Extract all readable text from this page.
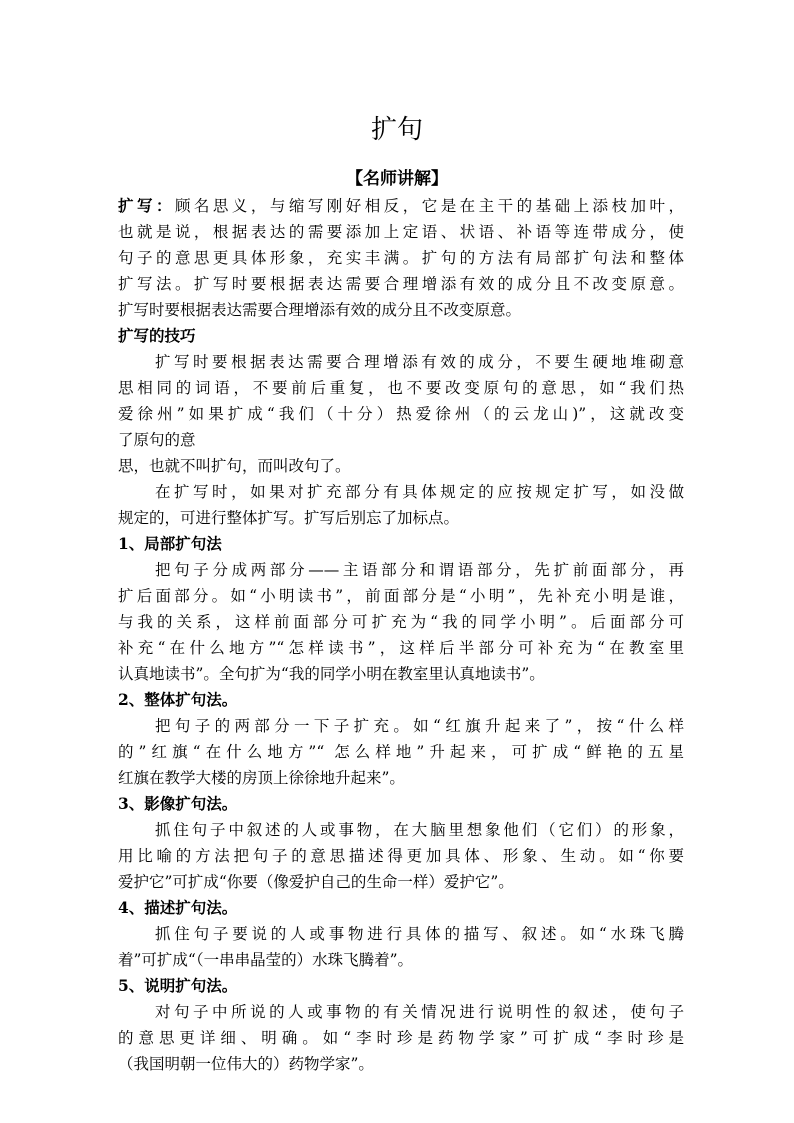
扩句
【名师讲解】
扩写：顾名思义，与缩写刚好相反，它是在主干的基础上添枝加叶，
也就是说，根据表达的需要添加上定语、状语、补语等连带成分，使
句子的意思更具体形象，充实丰满。扩句的方法有局部扩句法和整体
扩写法。扩写时要根据表达需要合理增添有效的成分且不改变原意。
扩写时要根据表达需要合理增添有效的成分且不改变原意。
扩写的技巧
扩写时要根据表达需要合理增添有效的成分，不要生硬地堆砌意
思相同的词语，不要前后重复，也不要改变原句的意思，如“我们热
爱徐州”如果扩成“我们（十分）热爱徐州（的云龙山)”，这就改变
了原句的意
思，也就不叫扩句，而叫改句了。
在扩写时，如果对扩充部分有具体规定的应按规定扩写，如没做
规定的，可进行整体扩写。扩写后别忘了加标点。
1、局部扩句法
把句子分成两部分——主语部分和谓语部分，先扩前面部分，再
扩后面部分。如“小明读书”，前面部分是“小明”，先补充小明是谁，
与我的关系，这样前面部分可扩充为“我的同学小明”。后面部分可
补充“在什么地方”“怎样读书”，这样后半部分可补充为“在教室里
认真地读书”。全句扩为“我的同学小明在教室里认真地读书”。
2、整体扩句法。
把句子的两部分一下子扩充。如“红旗升起来了”，按“什么样
的”红旗“在什么地方”“ 怎么样地”升起来，可扩成“鲜艳的五星
红旗在教学大楼的房顶上徐徐地升起来”。
3、影像扩句法。
抓住句子中叙述的人或事物，在大脑里想象他们（它们）的形象，
用比喻的方法把句子的意思描述得更加具体、形象、生动。如“你要
爱护它”可扩成“你要（像爱护自己的生命一样）爱护它”。
4、描述扩句法。
抓住句子要说的人或事物进行具体的描写、叙述。如“水珠飞腾
着”可扩成“（一串串晶莹的）水珠飞腾着”。
5、说明扩句法。
对句子中所说的人或事物的有关情况进行说明性的叙述，使句子
的意思更详细、明确。如“李时珍是药物学家”可扩成“李时珍是
（我国明朝一位伟大的）药物学家”。
